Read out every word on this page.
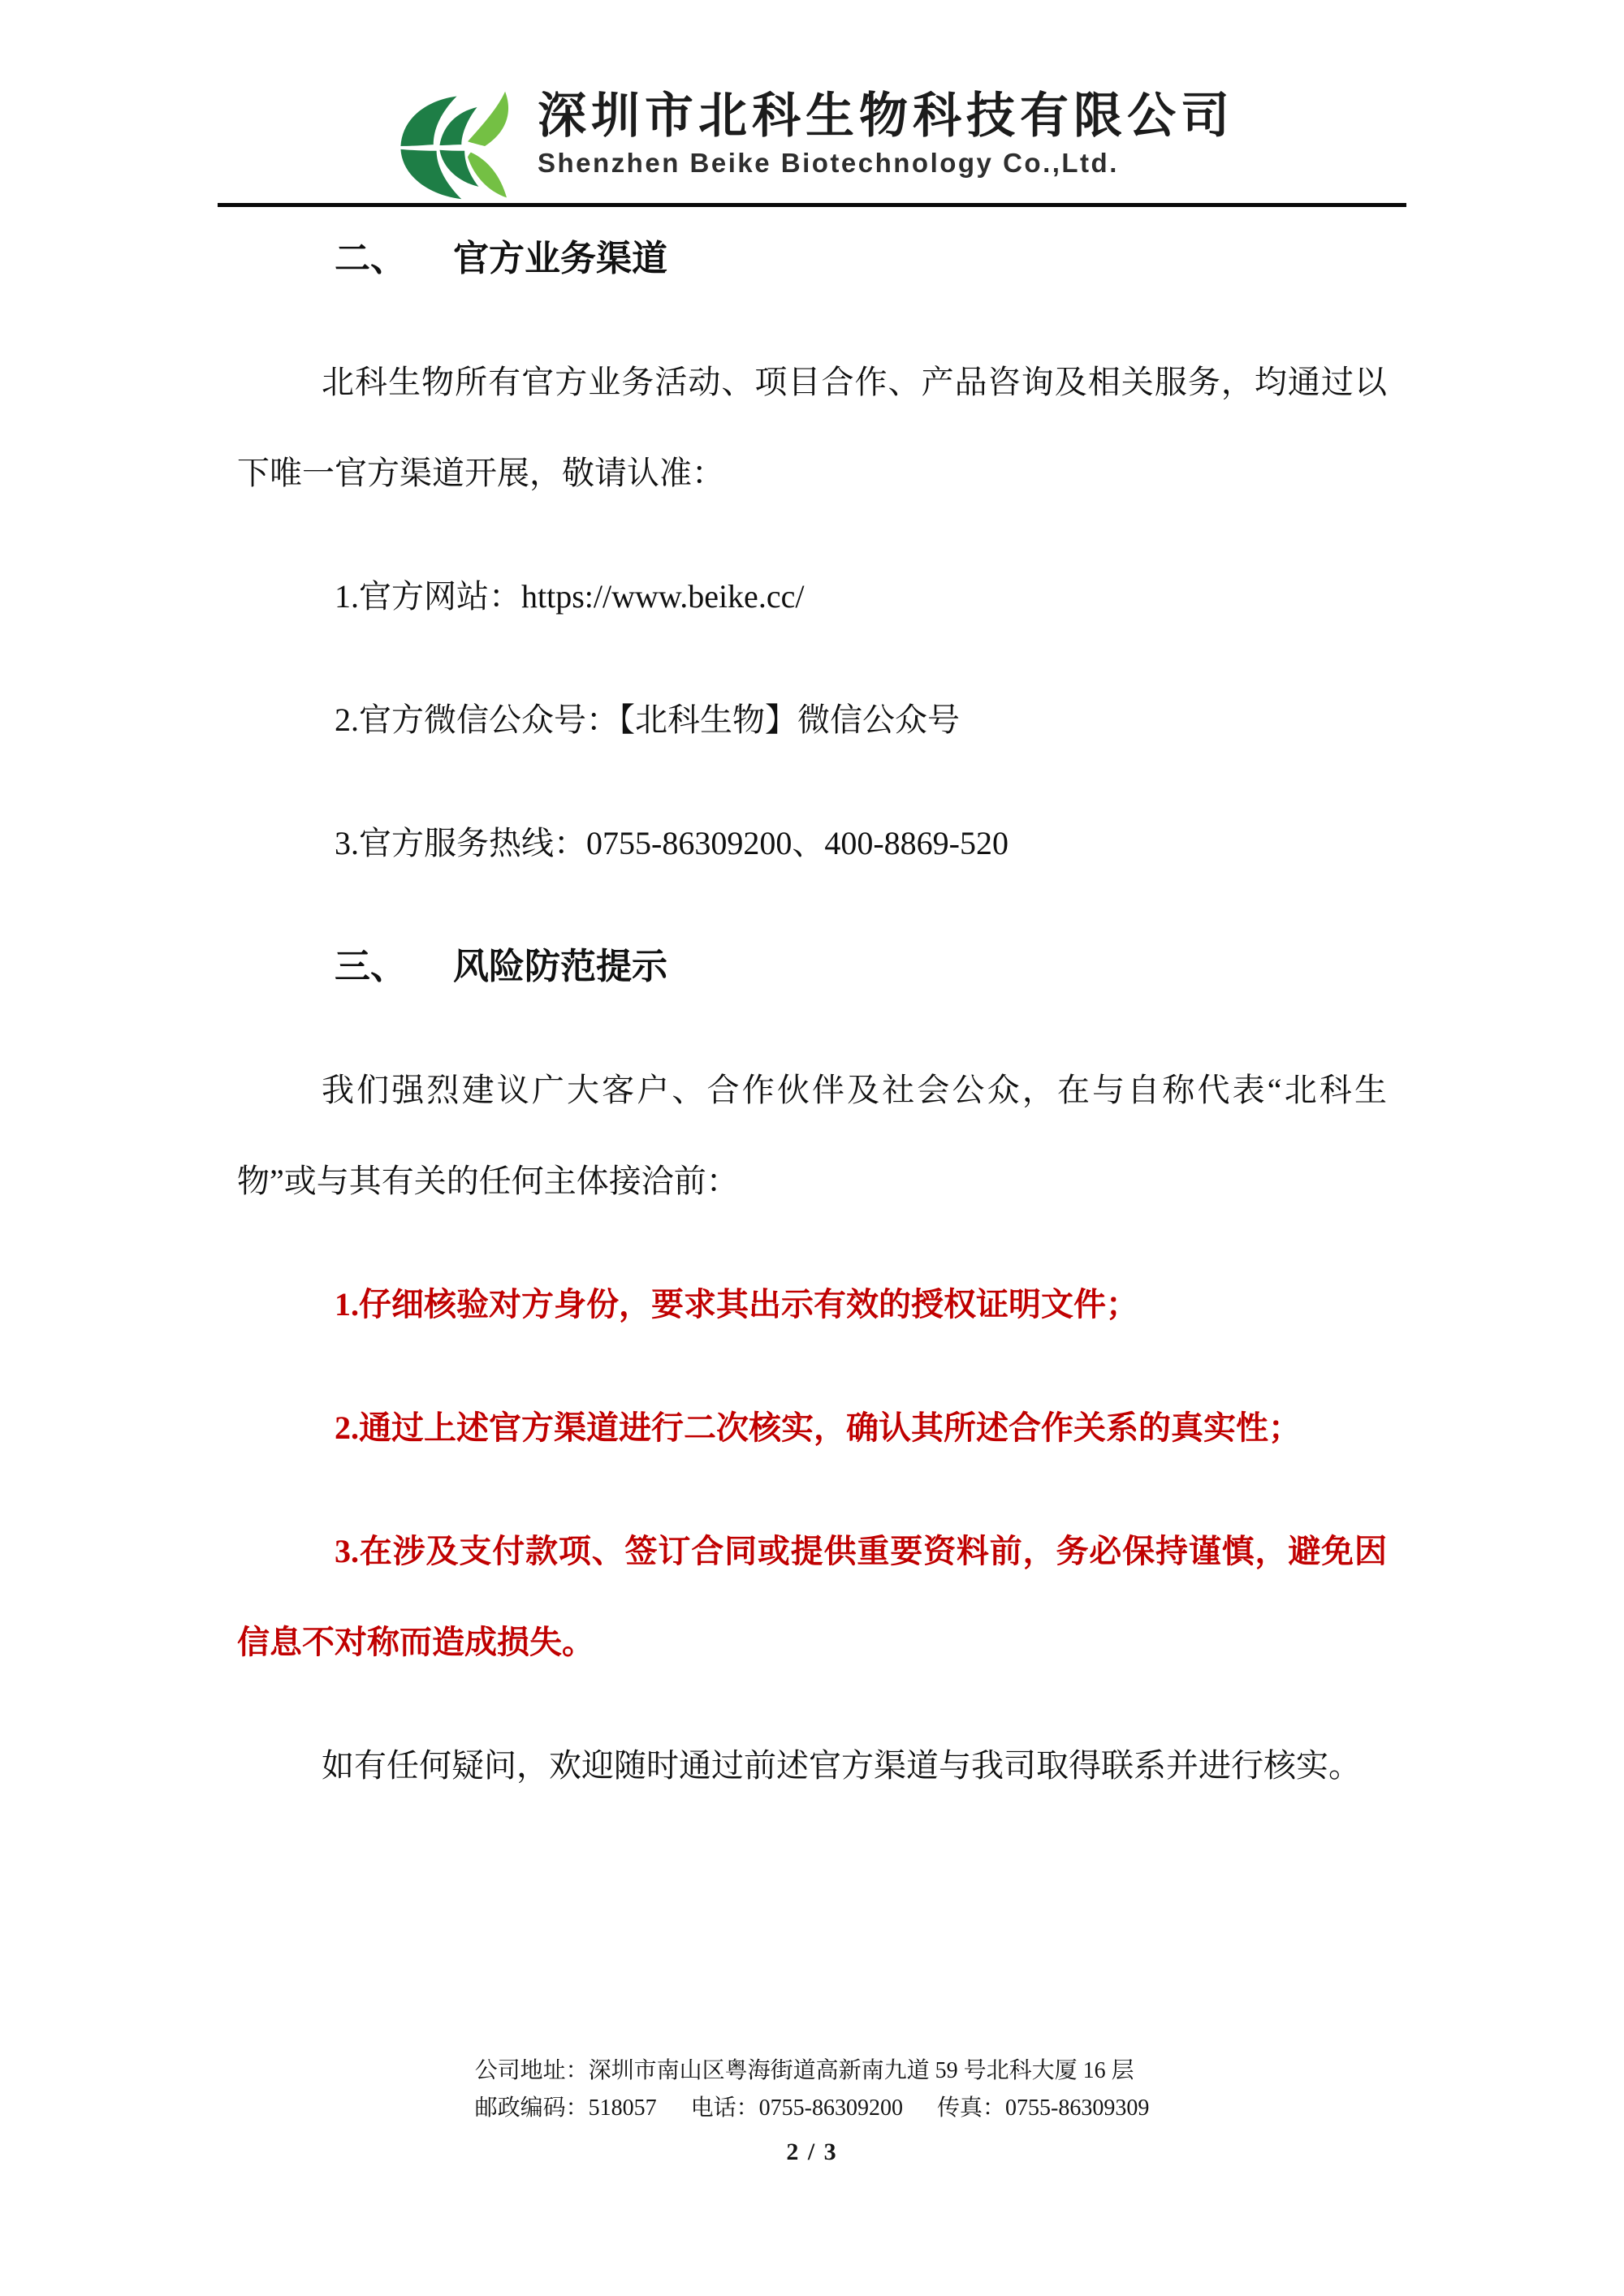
深圳市北科生物科技有限公司
Shenzhen Beike Biotechnology Co.,Ltd.
二、 官方业务渠道

北科生物所有官方业务活动、项目合作、产品咨询及相关服务，均通过以下唯一官方渠道开展，敬请认准：

1.官方网站：https://www.beike.cc/

2.官方微信公众号：【北科生物】微信公众号

3.官方服务热线：0755-86309200、400-8869-520

三、 风险防范提示

我们强烈建议广大客户、合作伙伴及社会公众，在与自称代表“北科生物”或与其有关的任何主体接洽前：

1.仔细核验对方身份，要求其出示有效的授权证明文件；

2.通过上述官方渠道进行二次核实，确认其所述合作关系的真实性；

3.在涉及支付款项、签订合同或提供重要资料前，务必保持谨慎，避免因信息不对称而造成损失。

如有任何疑问，欢迎随时通过前述官方渠道与我司取得联系并进行核实。

公司地址：深圳市南山区粤海街道高新南九道 59 号北科大厦 16 层
邮政编码：518057 电话：0755-86309200 传真：0755-86309309
2 / 3
